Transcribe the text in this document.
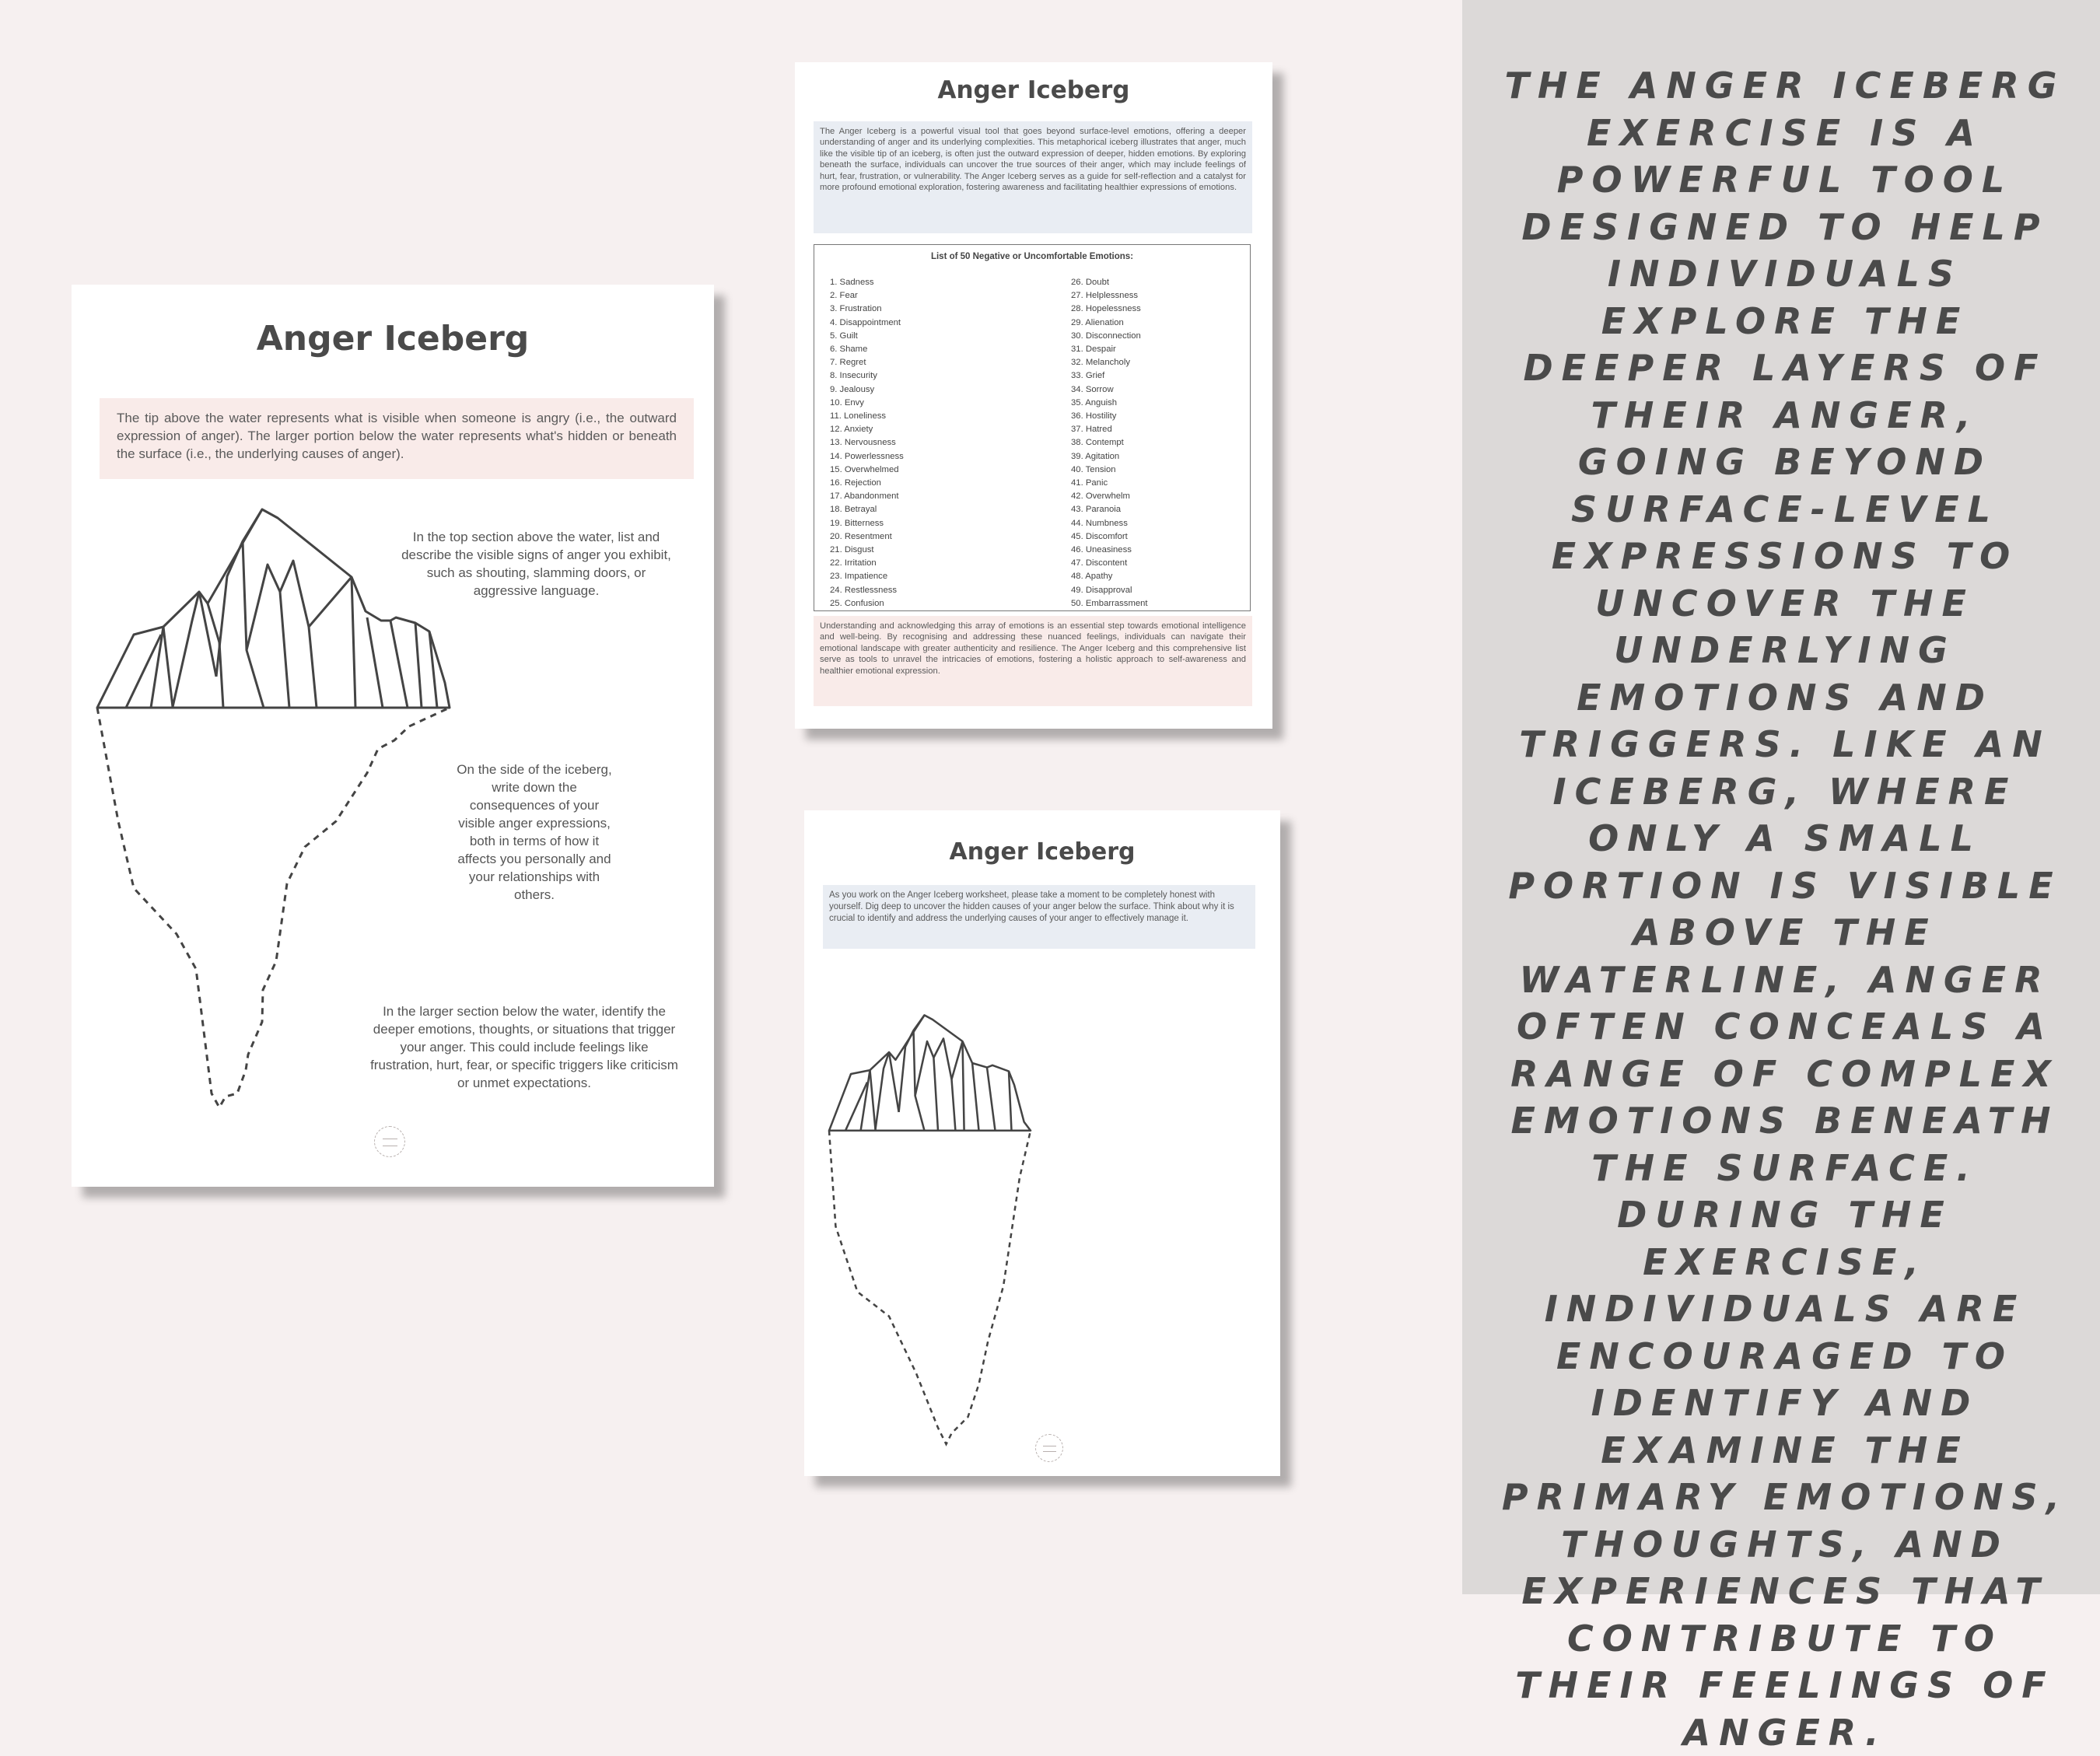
THE ANGER ICEBERG EXERCISE IS A POWERFUL TOOL DESIGNED TO HELP INDIVIDUALS EXPLORE THE DEEPER LAYERS OF THEIR ANGER, GOING BEYOND SURFACE-LEVEL EXPRESSIONS TO UNCOVER THE UNDERLYING EMOTIONS AND TRIGGERS. LIKE AN ICEBERG, WHERE ONLY A SMALL PORTION IS VISIBLE ABOVE THE WATERLINE, ANGER OFTEN CONCEALS A RANGE OF COMPLEX EMOTIONS BENEATH THE SURFACE. DURING THE EXERCISE, INDIVIDUALS ARE ENCOURAGED TO IDENTIFY AND EXAMINE THE PRIMARY EMOTIONS, THOUGHTS, AND EXPERIENCES THAT CONTRIBUTE TO THEIR FEELINGS OF ANGER.
Anger Iceberg
The tip above the water represents what is visible when someone is angry (i.e., the outward expression of anger). The larger portion below the water represents what's hidden or beneath the surface (i.e., the underlying causes of anger).
In the top section above the water, list and describe the visible signs of anger you exhibit, such as shouting, slamming doors, or aggressive language.
On the side of the iceberg, write down the consequences of your visible anger expressions, both in terms of how it affects you personally and your relationships with others.
In the larger section below the water, identify the deeper emotions, thoughts, or situations that trigger your anger. This could include feelings like frustration, hurt, fear, or specific triggers like criticism or unmet expectations.
Anger Iceberg
The Anger Iceberg is a powerful visual tool that goes beyond surface-level emotions, offering a deeper understanding of anger and its underlying complexities. This metaphorical iceberg illustrates that anger, much like the visible tip of an iceberg, is often just the outward expression of deeper, hidden emotions. By exploring beneath the surface, individuals can uncover the true sources of their anger, which may include feelings of hurt, fear, frustration, or vulnerability. The Anger Iceberg serves as a guide for self-reflection and a catalyst for more profound emotional exploration, fostering awareness and facilitating healthier expressions of emotions.
List of 50 Negative or Uncomfortable Emotions:
1. Sadness
2. Fear
3. Frustration
4. Disappointment
5. Guilt
6. Shame
7. Regret
8. Insecurity
9. Jealousy
10. Envy
11. Loneliness
12. Anxiety
13. Nervousness
14. Powerlessness
15. Overwhelmed
16. Rejection
17. Abandonment
18. Betrayal
19. Bitterness
20. Resentment
21. Disgust
22. Irritation
23. Impatience
24. Restlessness
25. Confusion
26. Doubt
27. Helplessness
28. Hopelessness
29. Alienation
30. Disconnection
31. Despair
32. Melancholy
33. Grief
34. Sorrow
35. Anguish
36. Hostility
37. Hatred
38. Contempt
39. Agitation
40. Tension
41. Panic
42. Overwhelm
43. Paranoia
44. Numbness
45. Discomfort
46. Uneasiness
47. Discontent
48. Apathy
49. Disapproval
50. Embarrassment
Understanding and acknowledging this array of emotions is an essential step towards emotional intelligence and well-being. By recognising and addressing these nuanced feelings, individuals can navigate their emotional landscape with greater authenticity and resilience. The Anger Iceberg and this comprehensive list serve as tools to unravel the intricacies of emotions, fostering a holistic approach to self-awareness and healthier emotional expression.
Anger Iceberg
As you work on the Anger Iceberg worksheet, please take a moment to be completely honest with yourself. Dig deep to uncover the hidden causes of your anger below the surface. Think about why it is crucial to identify and address the underlying causes of your anger to effectively manage it.
